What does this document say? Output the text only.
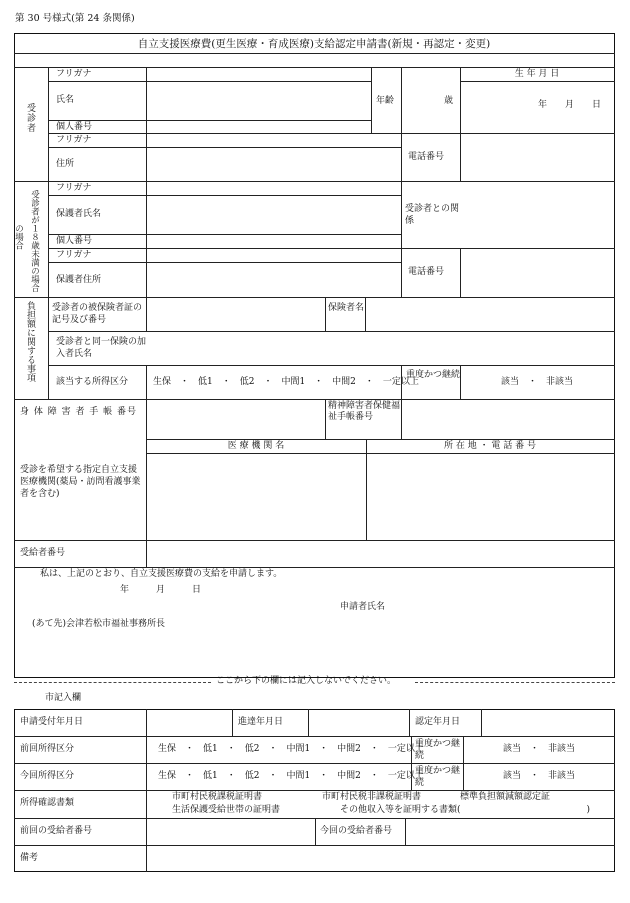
第 30 号様式(第 24 条関係)
自立支援医療費(更生医療・育成医療)支給認定申請書(新規・再認定・変更)
受診者
フリガナ
氏名	年齢	歳
生 年 月 日
年　　月　　日
個人番号
フリガナ
住所
電話番号
の場合 受診者が１８歳未満の場合
フリガナ
保護者氏名	受診者との関係
個人番号
フリガナ
保護者住所
電話番号
負担額に関する事項 受診者の被保険者証の記号及び番号
保険者名
受診者と同一保険の加入者氏名
該当する所得区分	生保　・　低1　・　低2　・　中間1　・　中間2　・　一定以上
重度かつ継続
該当　・　非該当
身 体 障 害 者 手 帳 番号
精神障害者保健福祉手帳番号
受診を希望する指定自立支援医療機関(薬局・訪問看護事業者を含む)
医 療 機 関 名	所 在 地 ・ 電 話 番 号
受給者番号
私は、上記のとおり、自立支援医療費の支給を申請します。
年　　　月　　　日
申請者氏名
(あて先)会津若松市福祉事務所長
ここから下の欄には記入しないでください。
市記入欄
申請受付年月日	進達年月日	認定年月日
前回所得区分	生保　・　低1　・　低2　・　中間1　・　中間2　・　一定以上
重度かつ継続
該当　・　非該当
今回所得区分	生保　・　低1　・　低2　・　中間1　・　中間2　・　一定以上
重度かつ継続
該当　・　非該当
所得確認書類
市町村民税課税証明書	市町村民税非課税証明書	標準負担額減額認定証
生活保護受給世帯の証明書	その他収入等を証明する書類(　　　　　　　　　　　　　　)
前回の受給者番号	今回の受給者番号
備考
